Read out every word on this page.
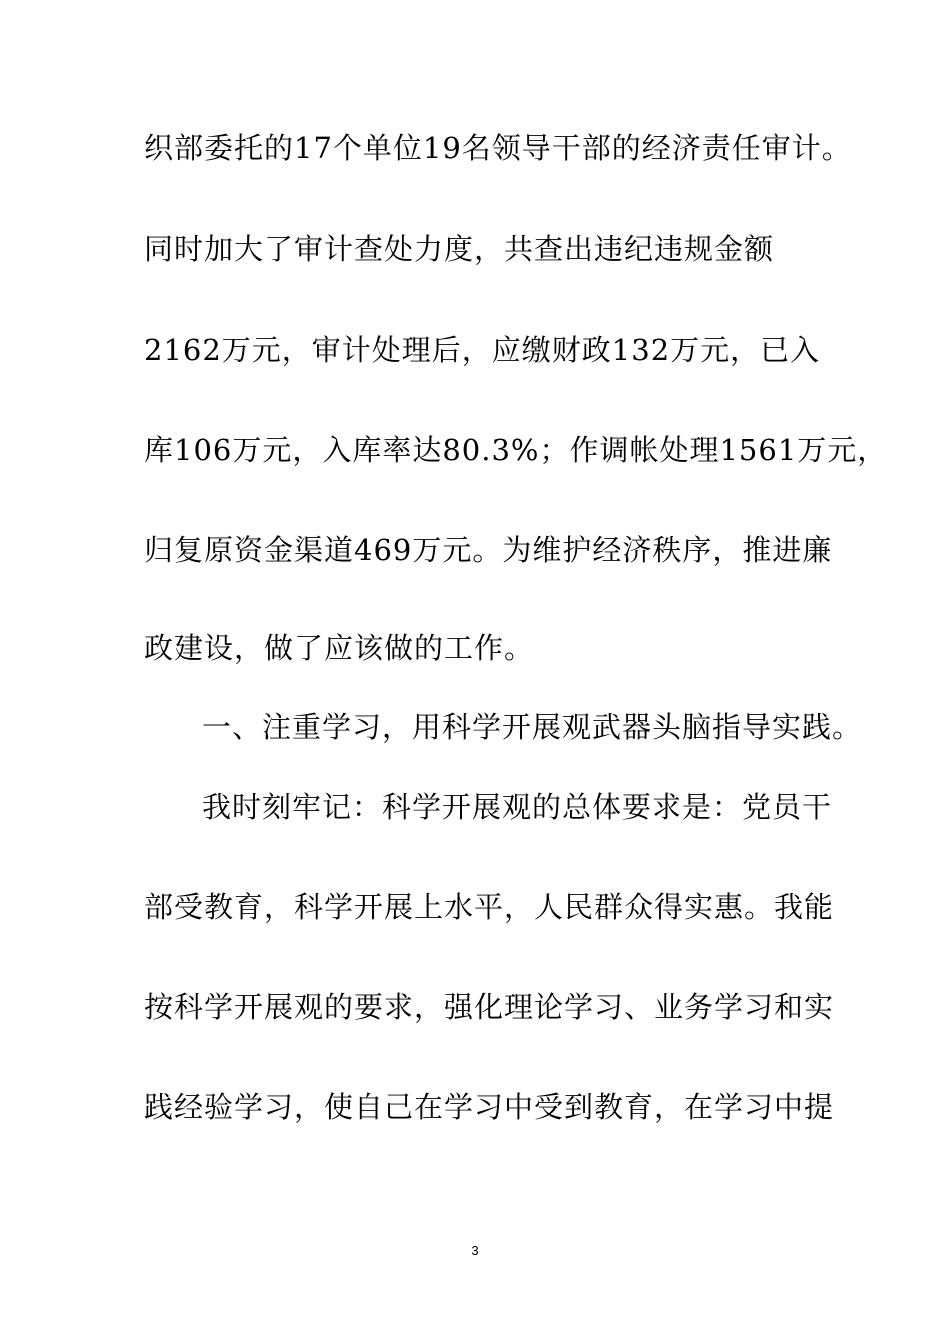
织部委托的17个单位19名领导干部的经济责任审计。
同时加大了审计查处力度，共查出违纪违规金额
2162万元，审计处理后，应缴财政132万元，已入
库106万元，入库率达80.3%；作调帐处理1561万元，
归复原资金渠道469万元。为维护经济秩序，推进廉
政建设，做了应该做的工作。
一、注重学习，用科学开展观武器头脑指导实践。
我时刻牢记：科学开展观的总体要求是：党员干
部受教育，科学开展上水平，人民群众得实惠。我能
按科学开展观的要求，强化理论学习、业务学习和实
践经验学习，使自己在学习中受到教育，在学习中提
3
